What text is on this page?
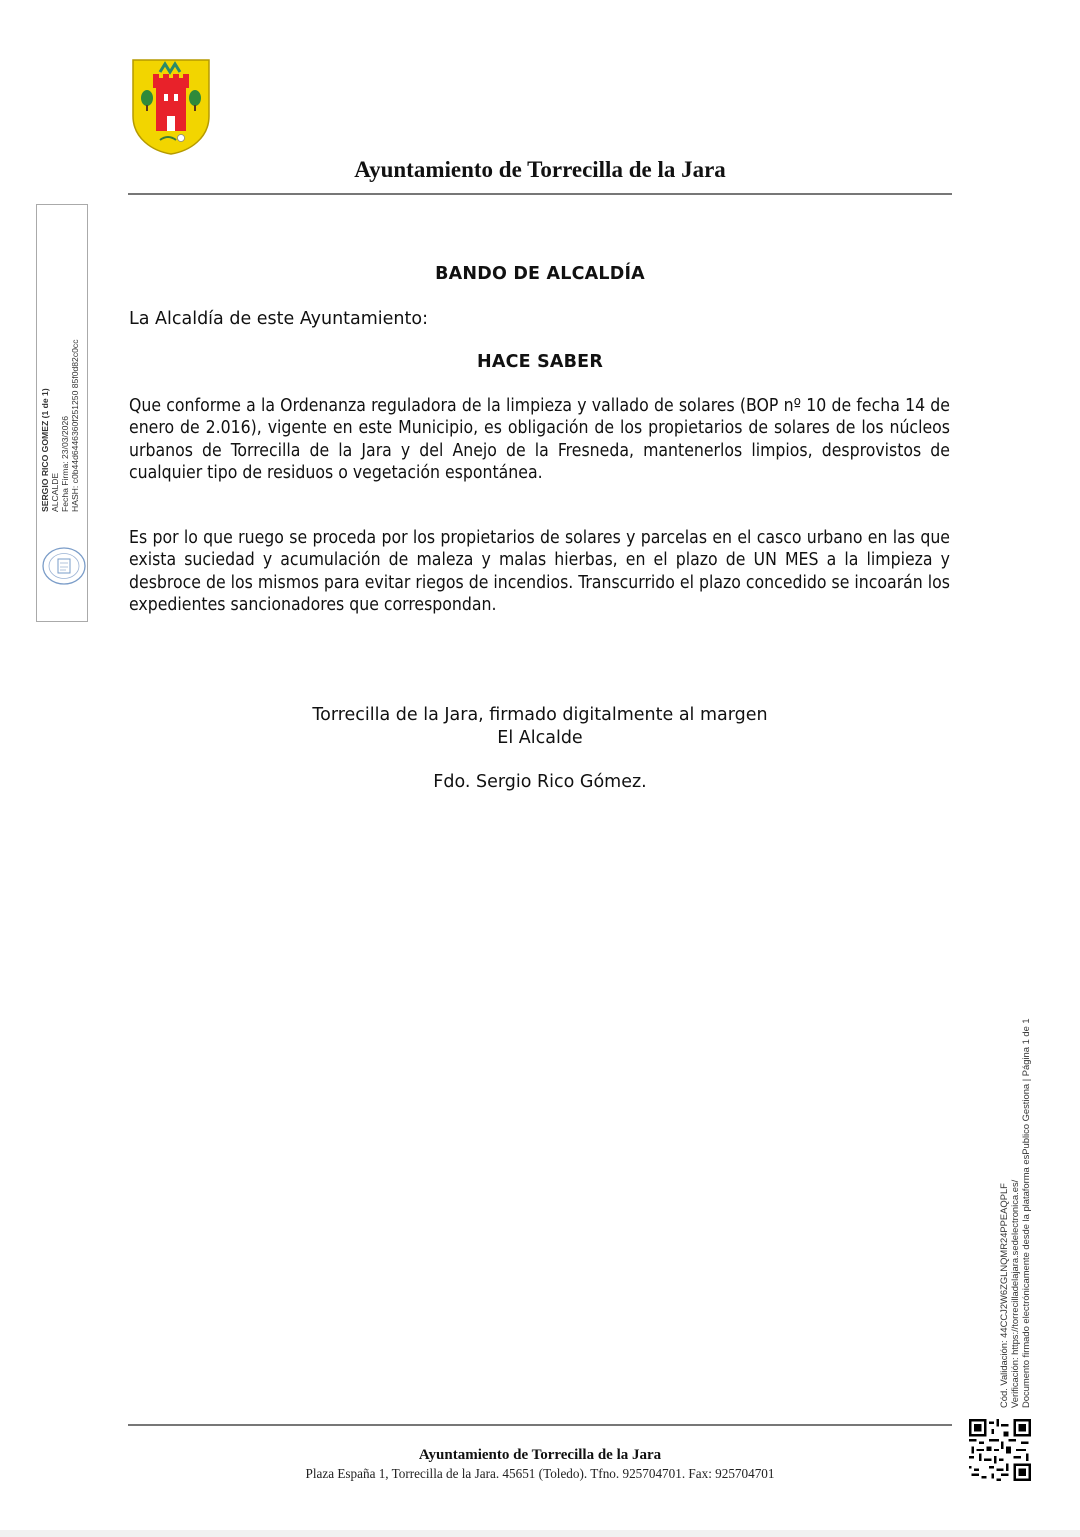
Ayuntamiento de Torrecilla de la Jara
SERGIO RICO GOMEZ (1 de 1)
ALCALDE Fecha Firma: 23/03/2026 HASH: c0b44d6446360f251250 85f0d82c0cc
BANDO DE ALCALDÍA
La Alcaldía de este Ayuntamiento:
HACE SABER
Que conforme a la Ordenanza reguladora de la limpieza y vallado de solares (BOP nº 10 de fecha 14 de enero de 2.016), vigente en este Municipio, es obligación de los propietarios de solares de los núcleos urbanos de Torrecilla de la Jara y del Anejo de la Fresneda, mantenerlos limpios, desprovistos de cualquier tipo de residuos o vegetación espontánea.
Es por lo que ruego se proceda por los propietarios de solares y parcelas en el casco urbano en las que exista suciedad y acumulación de maleza y malas hierbas, en el plazo de UN MES a la limpieza y desbroce de los mismos para evitar riegos de incendios. Transcurrido el plazo concedido se incoarán los expedientes sancionadores que correspondan.
Torrecilla de la Jara, firmado digitalmente al margen
El Alcalde
Fdo. Sergio Rico Gómez.
Cód. Validación: 44CCJ2W6ZGLNQMR24PPEAQPLF Verificación: https://torrecilladelajara.sedelectronica.es/ Documento firmado electrónicamente desde la plataforma esPublico Gestiona | Página 1 de 1
Ayuntamiento de Torrecilla de la Jara
Plaza España 1, Torrecilla de la Jara. 45651 (Toledo). Tfno. 925704701. Fax: 925704701
